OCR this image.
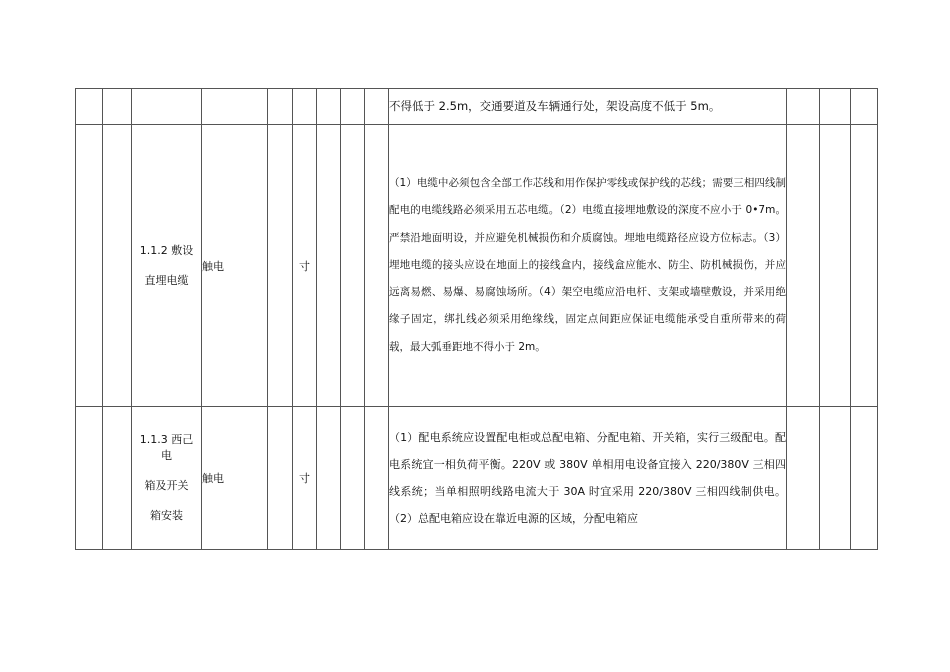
									不得低于 2.5m，交通要道及车辆通行处，架设高度不低于 5m。			

		1.1.2 敷设
直埋电缆	触电		寸				（1）电缆中必须包含全部工作芯线和用作保护零线或保护线的芯线；需要三相四线制配电的电缆线路必须采用五芯电缆。（2）电缆直接埋地敷设的深度不应小于 0•7m。严禁沿地面明设，并应避免机械损伤和介质腐蚀。埋地电缆路径应设方位标志。（3）埋地电缆的接头应设在地面上的接线盒内，接线盒应能水、防尘、防机械损伤，并应远离易燃、易爆、易腐蚀场所。（4）架空电缆应沿电杆、支架或墙壁敷设，并采用绝缘子固定，绑扎线必须采用绝缘线，固定点间距应保证电缆能承受自重所带来的荷载，最大弧垂距地不得小于 2m。			

		1.1.3 西己
电
箱及开关
箱安装	触电		寸				（1）配电系统应设置配电柜或总配电箱、分配电箱、开关箱，实行三级配电。配电系统宜一相负荷平衡。220V 或 380V 单相用电设备宜接入 220/380V 三相四线系统；当单相照明线路电流大于 30A 时宜采用 220/380V 三相四线制供电。（2）总配电箱应设在靠近电源的区域，分配电箱应			
